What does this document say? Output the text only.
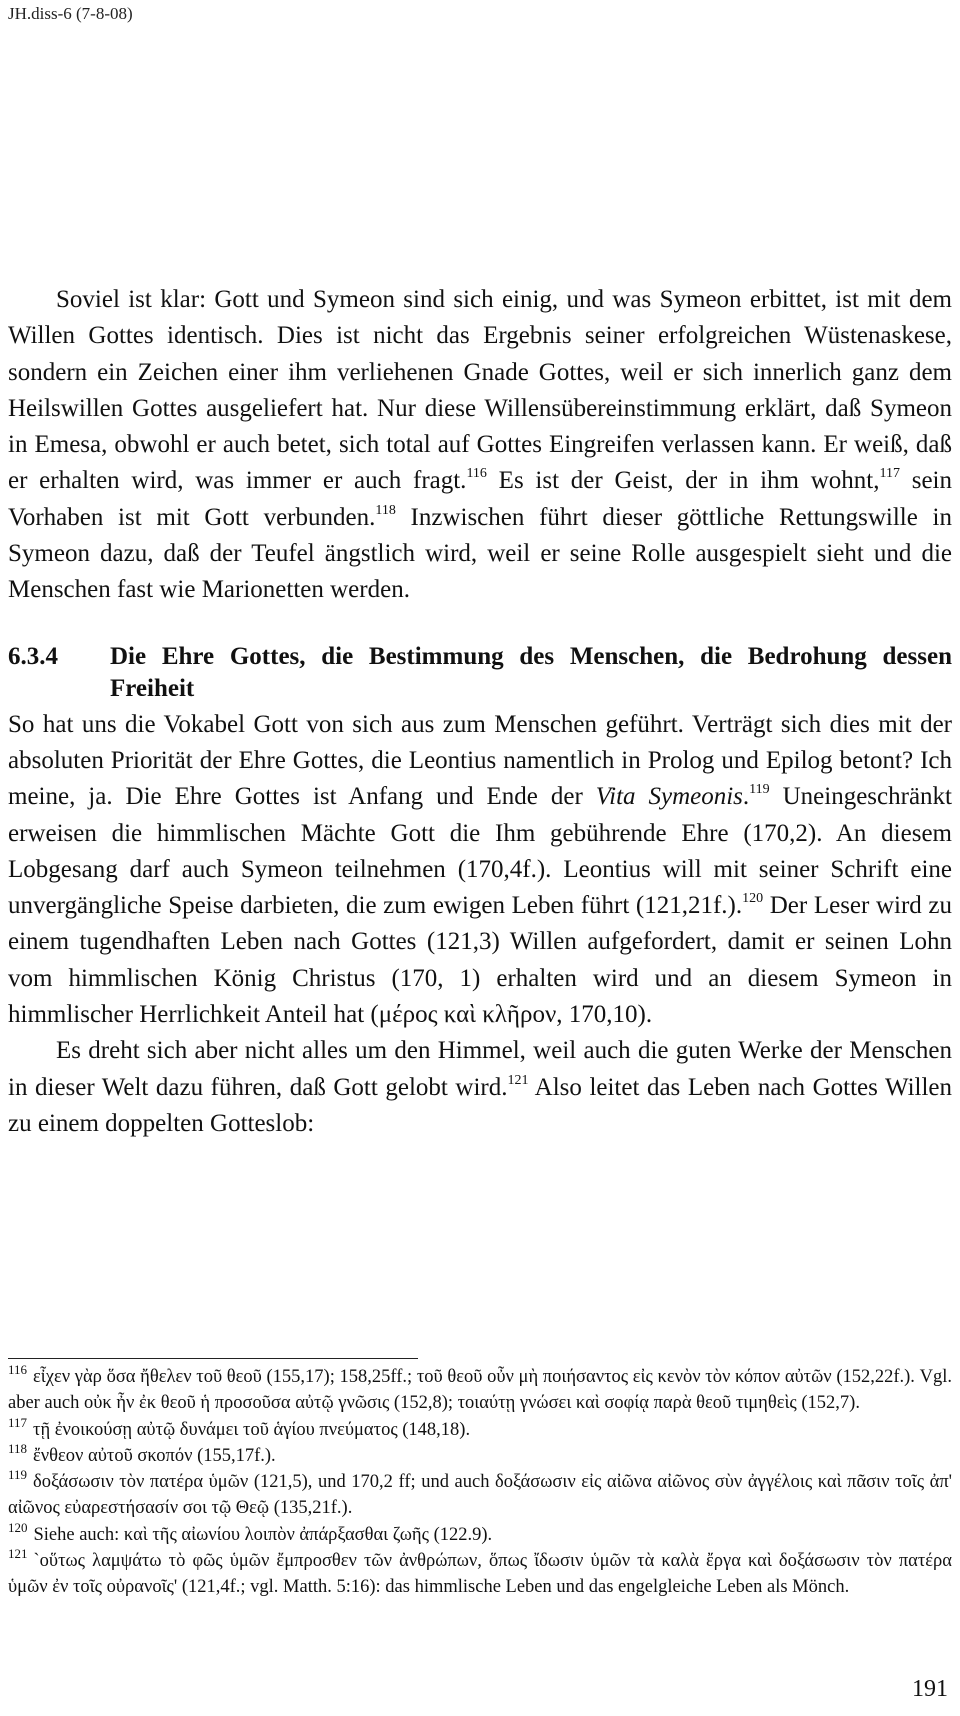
JH.diss-6 (7-8-08)

Soviel ist klar: Gott und Symeon sind sich einig, und was Symeon erbittet, ist mit dem Willen Gottes identisch. Dies ist nicht das Ergebnis seiner erfolgreichen Wüstenaskese, sondern ein Zeichen einer ihm verliehenen Gnade Gottes, weil er sich innerlich ganz dem Heilswillen Gottes ausgeliefert hat. Nur diese Willensübereinstimmung erklärt, daß Symeon in Emesa, obwohl er auch betet, sich total auf Gottes Eingreifen verlassen kann. Er weiß, daß er erhalten wird, was immer er auch fragt.$^{116}$ Es ist der Geist, der in ihm wohnt,$^{117}$ sein Vorhaben ist mit Gott verbunden.$^{118}$ Inzwischen führt dieser göttliche Rettungswille in Symeon dazu, daß der Teufel ängstlich wird, weil er seine Rolle ausgespielt sieht und die Menschen fast wie Marionetten werden.

6.3.4	Die Ehre Gottes, die Bestimmung des Menschen, die Bedrohung dessen Freiheit

So hat uns die Vokabel Gott von sich aus zum Menschen geführt. Verträgt sich dies mit der absoluten Priorität der Ehre Gottes, die Leontius namentlich in Prolog und Epilog betont? Ich meine, ja. Die Ehre Gottes ist Anfang und Ende der Vita Symeonis.$^{119}$ Uneingeschränkt erweisen die himmlischen Mächte Gott die Ihm gebührende Ehre (170,2). An diesem Lobgesang darf auch Symeon teilnehmen (170,4f.). Leontius will mit seiner Schrift eine unvergängliche Speise darbieten, die zum ewigen Leben führt (121,21f.).$^{120}$ Der Leser wird zu einem tugendhaften Leben nach Gottes (121,3) Willen aufgefordert, damit er seinen Lohn vom himmlischen König Christus (170, 1) erhalten wird und an diesem Symeon in himmlischer Herrlichkeit Anteil hat (μέρος καὶ κλῆρον, 170,10).

Es dreht sich aber nicht alles um den Himmel, weil auch die guten Werke der Menschen in dieser Welt dazu führen, daß Gott gelobt wird.$^{121}$ Also leitet das Leben nach Gottes Willen zu einem doppelten Gotteslob:

$^{116}$ εἶχεν γὰρ ὅσα ἤθελεν τοῦ θεοῦ (155,17); 158,25ff.; τοῦ θεοῦ οὖν μὴ ποιήσαντος εἰς κενὸν τὸν κόπον αὐτῶν (152,22f.). Vgl. aber auch οὐκ ἦν ἐκ θεοῦ ἡ προσοῦσα αὐτῷ γνῶσις (152,8); τοιαύτῃ γνώσει καὶ σοφίᾳ παρὰ θεοῦ τιμηθεὶς (152,7).

$^{117}$ τῇ ἐνοικούσῃ αὐτῷ δυνάμει τοῦ ἁγίου πνεύματος (148,18).

$^{118}$ ἔνθεον αὐτοῦ σκοπόν (155,17f.).

$^{119}$ δοξάσωσιν τὸν πατέρα ὑμῶν (121,5), und 170,2 ff; und auch δοξάσωσιν εἰς αἰῶνα αἰῶνος σὺν ἀγγέλοις καὶ πᾶσιν τοῖς ἀπ' αἰῶνος εὐαρεστήσασίν σοι τῷ Θεῷ (135,21f.).

$^{120}$ Siehe auch: καὶ τῆς αἰωνίου λοιπὸν ἀπάρξασθαι ζωῆς (122.9).

$^{121}$ `οὕτως λαμψάτω τὸ φῶς ὑμῶν ἔμπροσθεν τῶν ἀνθρώπων, ὅπως ἴδωσιν ὑμῶν τὰ καλὰ ἔργα καὶ δοξάσωσιν τὸν πατέρα ὑμῶν ἐν τοῖς οὐρανοῖς' (121,4f.; vgl. Matth. 5:16): das himmlische Leben und das engelgleiche Leben als Mönch.

191
